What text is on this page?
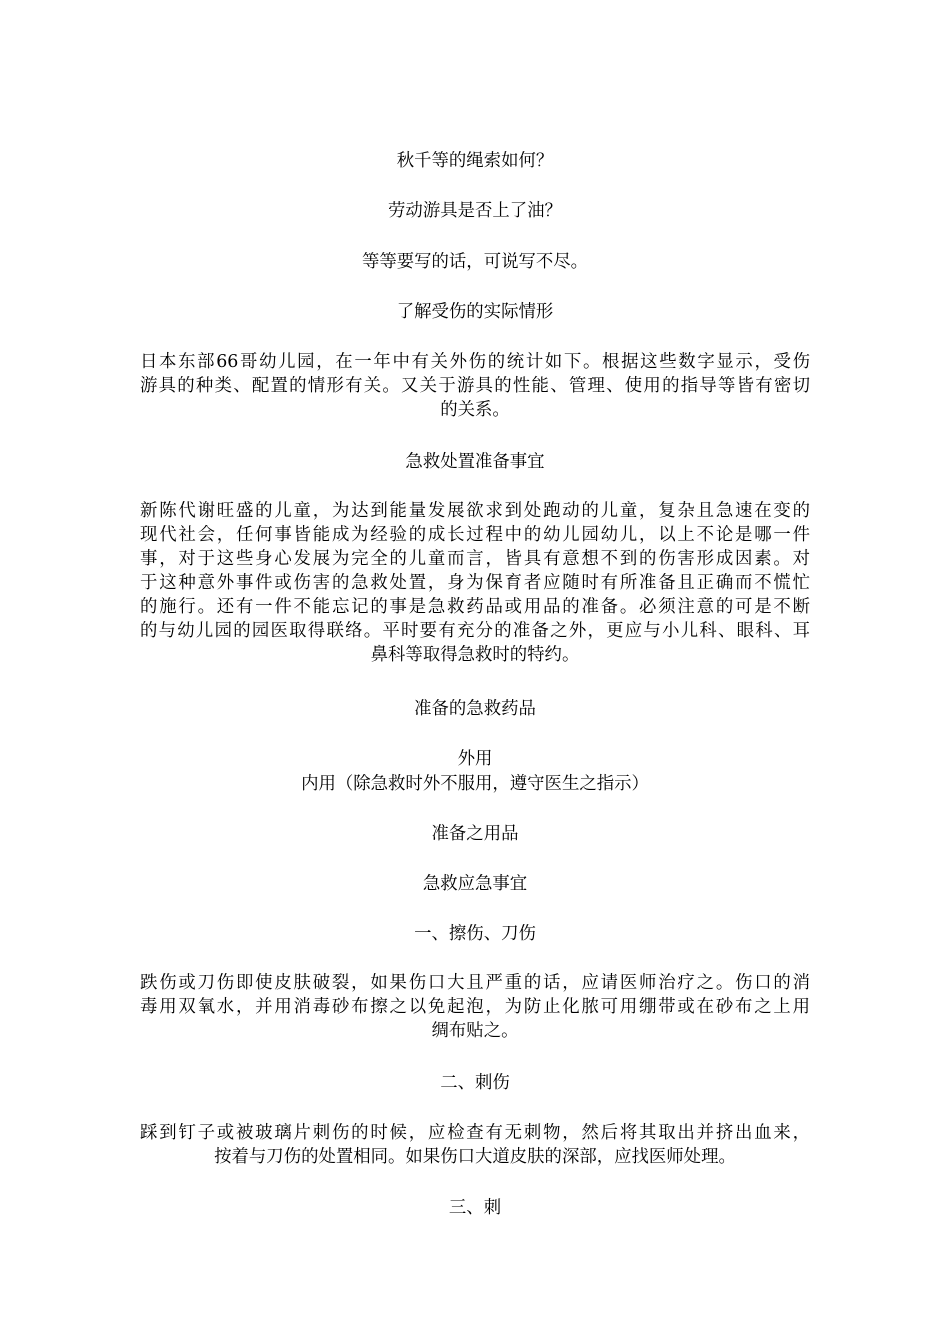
秋千等的绳索如何？
劳动游具是否上了油？
等等要写的话，可说写不尽。
了解受伤的实际情形
日本东部66哥幼儿园，在一年中有关外伤的统计如下。根据这些数字显示，受伤
游具的种类、配置的情形有关。又关于游具的性能、管理、使用的指导等皆有密切
的关系。
急救处置准备事宜
新陈代谢旺盛的儿童，为达到能量发展欲求到处跑动的儿童，复杂且急速在变的
现代社会，任何事皆能成为经验的成长过程中的幼儿园幼儿，以上不论是哪一件
事，对于这些身心发展为完全的儿童而言，皆具有意想不到的伤害形成因素。对
于这种意外事件或伤害的急救处置，身为保育者应随时有所准备且正确而不慌忙
的施行。还有一件不能忘记的事是急救药品或用品的准备。必须注意的可是不断
的与幼儿园的园医取得联络。平时要有充分的准备之外，更应与小儿科、眼科、耳
鼻科等取得急救时的特约。
准备的急救药品
外用
内用（除急救时外不服用，遵守医生之指示）
准备之用品
急救应急事宜
一、擦伤、刀伤
跌伤或刀伤即使皮肤破裂，如果伤口大且严重的话，应请医师治疗之。伤口的消
毒用双氧水，并用消毒砂布擦之以免起泡，为防止化脓可用绷带或在砂布之上用
绸布贴之。
二、刺伤
踩到钉子或被玻璃片刺伤的时候，应检查有无刺物，然后将其取出并挤出血来，
按着与刀伤的处置相同。如果伤口大道皮肤的深部，应找医师处理。
三、刺
